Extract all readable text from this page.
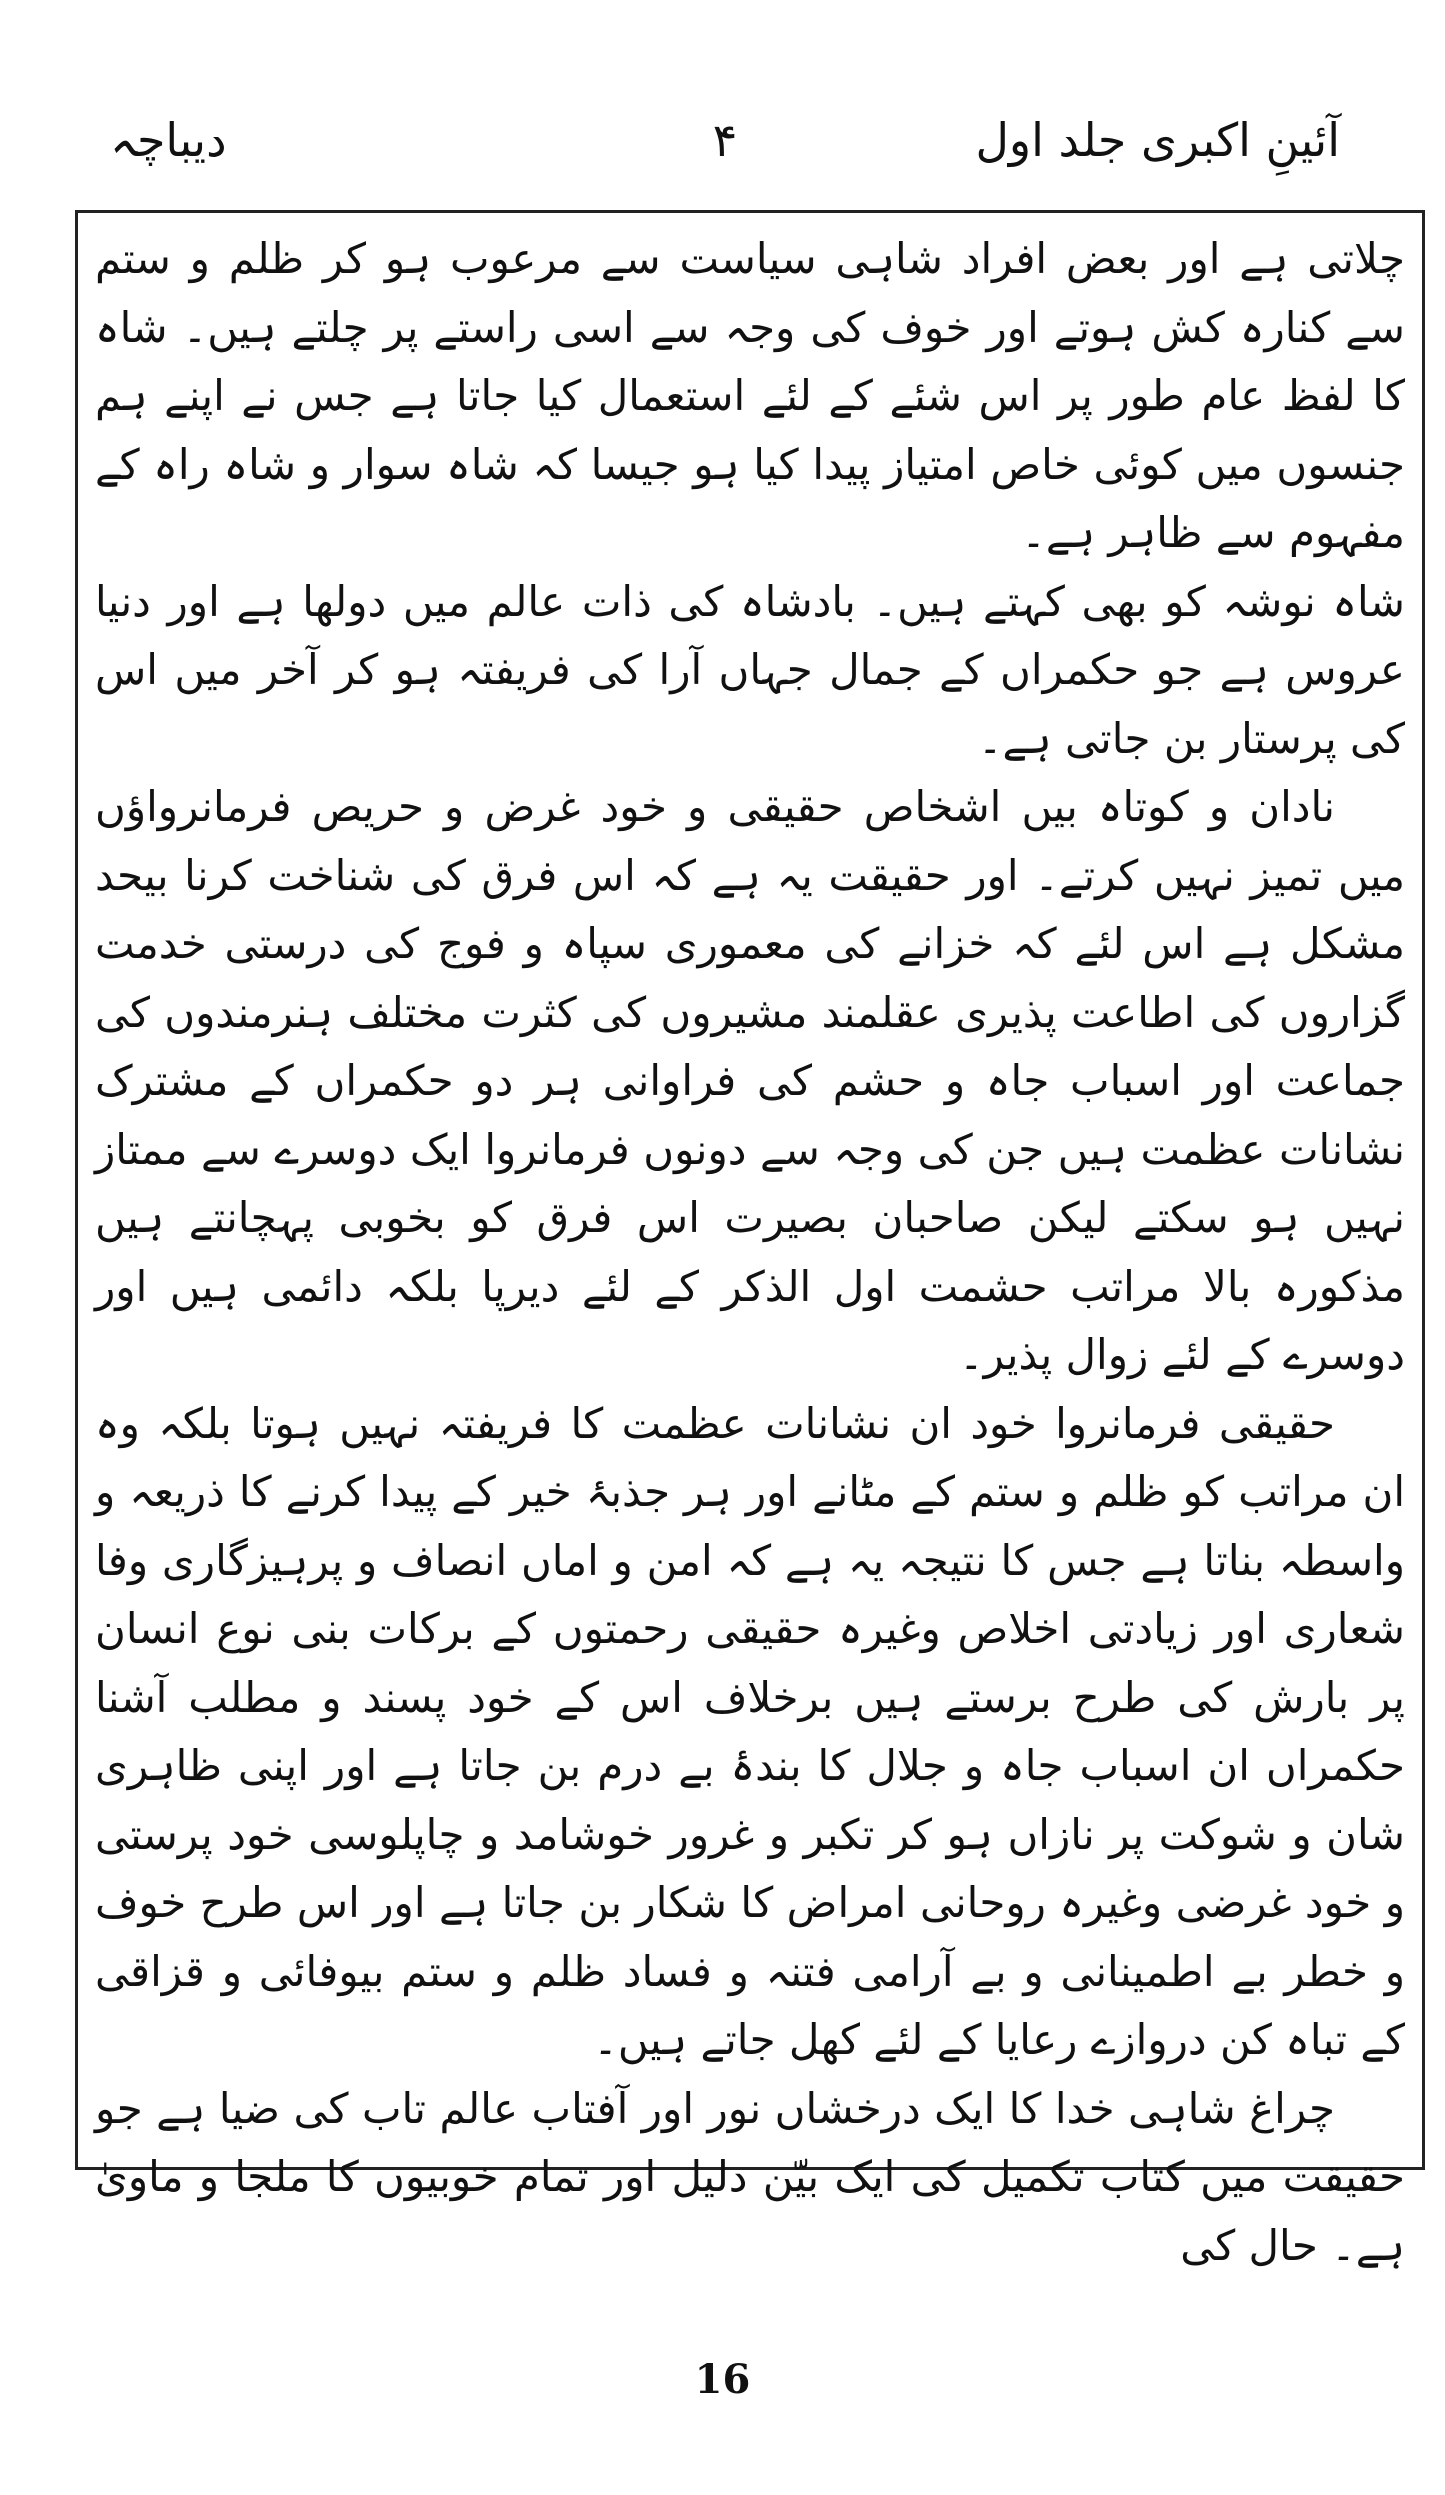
آئینِ اکبری جلد اول
۴
دیباچہ

چلاتی ہے اور بعض افراد شاہی سیاست سے مرعوب ہو کر ظلم و ستم سے کنارہ کش ہوتے اور خوف کی وجہ سے اسی راستے پر چلتے ہیں۔ شاہ کا لفظ عام طور پر اس شئے کے لئے استعمال کیا جاتا ہے جس نے اپنے ہم جنسوں میں کوئی خاص امتیاز پیدا کیا ہو جیسا کہ شاہ سوار و شاہ راہ کے مفہوم سے ظاہر ہے۔

شاہ نوشہ کو بھی کہتے ہیں۔ بادشاہ کی ذات عالم میں دولھا ہے اور دنیا عروس ہے جو حکمراں کے جمال جہاں آرا کی فریفتہ ہو کر آخر میں اس کی پرستار بن جاتی ہے۔

نادان و کوتاہ بیں اشخاص حقیقی و خود غرض و حریص فرمانرواؤں میں تمیز نہیں کرتے۔ اور حقیقت یہ ہے کہ اس فرق کی شناخت کرنا بیحد مشکل ہے اس لئے کہ خزانے کی معموری سپاہ و فوج کی درستی خدمت گزاروں کی اطاعت پذیری عقلمند مشیروں کی کثرت مختلف ہنرمندوں کی جماعت اور اسباب جاہ و حشم کی فراوانی ہر دو حکمراں کے مشترک نشانات عظمت ہیں جن کی وجہ سے دونوں فرمانروا ایک دوسرے سے ممتاز نہیں ہو سکتے لیکن صاحبان بصیرت اس فرق کو بخوبی پہچانتے ہیں مذکورہ بالا مراتب حشمت اول الذکر کے لئے دیرپا بلکہ دائمی ہیں اور دوسرے کے لئے زوال پذیر۔

حقیقی فرمانروا خود ان نشانات عظمت کا فریفتہ نہیں ہوتا بلکہ وہ ان مراتب کو ظلم و ستم کے مٹانے اور ہر جذبۂ خیر کے پیدا کرنے کا ذریعہ و واسطہ بناتا ہے جس کا نتیجہ یہ ہے کہ امن و اماں انصاف و پرہیزگاری وفا شعاری اور زیادتی اخلاص وغیرہ حقیقی رحمتوں کے برکات بنی نوع انسان پر بارش کی طرح برستے ہیں برخلاف اس کے خود پسند و مطلب آشنا حکمراں ان اسباب جاہ و جلال کا بندۂ بے درم بن جاتا ہے اور اپنی ظاہری شان و شوکت پر نازاں ہو کر تکبر و غرور خوشامد و چاپلوسی خود پرستی و خود غرضی وغیرہ روحانی امراض کا شکار بن جاتا ہے اور اس طرح خوف و خطر بے اطمینانی و بے آرامی فتنہ و فساد ظلم و ستم بیوفائی و قزاقی کے تباہ کن دروازے رعایا کے لئے کھل جاتے ہیں۔

چراغ شاہی خدا کا ایک درخشاں نور اور آفتاب عالم تاب کی ضیا ہے جو حقیقت میں کتاب تکمیل کی ایک بیّن دلیل اور تمام خوبیوں کا ملجا و ماویٰ ہے۔ حال کی

16
